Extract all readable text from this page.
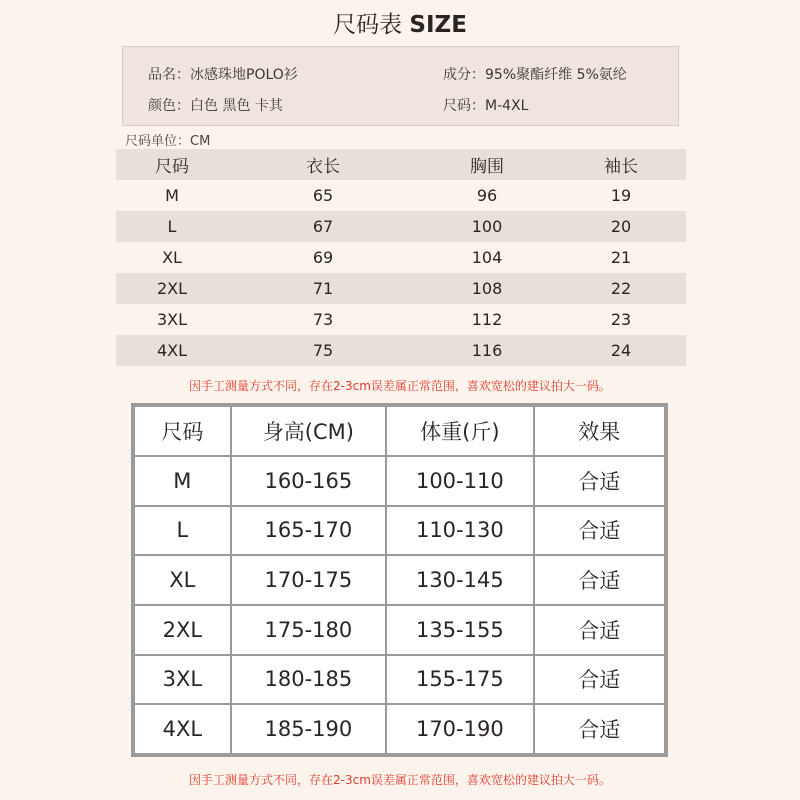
尺码表 SIZE
品名：冰感珠地POLO衫	成分：95%聚酯纤维 5%氨纶
颜色：白色 黑色 卡其	尺码：M-4XL
尺码单位：CM
尺码	衣长	胸围	袖长
M	65	96	19
L	67	100	20
XL	69	104	21
2XL	71	108	22
3XL	73	112	23
4XL	75	116	24
因手工测量方式不同，存在2-3cm误差属正常范围，喜欢宽松的建议拍大一码。
尺码	身高(CM)	体重(斤)	效果
M	160-165	100-110	合适
L	165-170	110-130	合适
XL	170-175	130-145	合适
2XL	175-180	135-155	合适
3XL	180-185	155-175	合适
4XL	185-190	170-190	合适
因手工测量方式不同，存在2-3cm误差属正常范围，喜欢宽松的建议拍大一码。
